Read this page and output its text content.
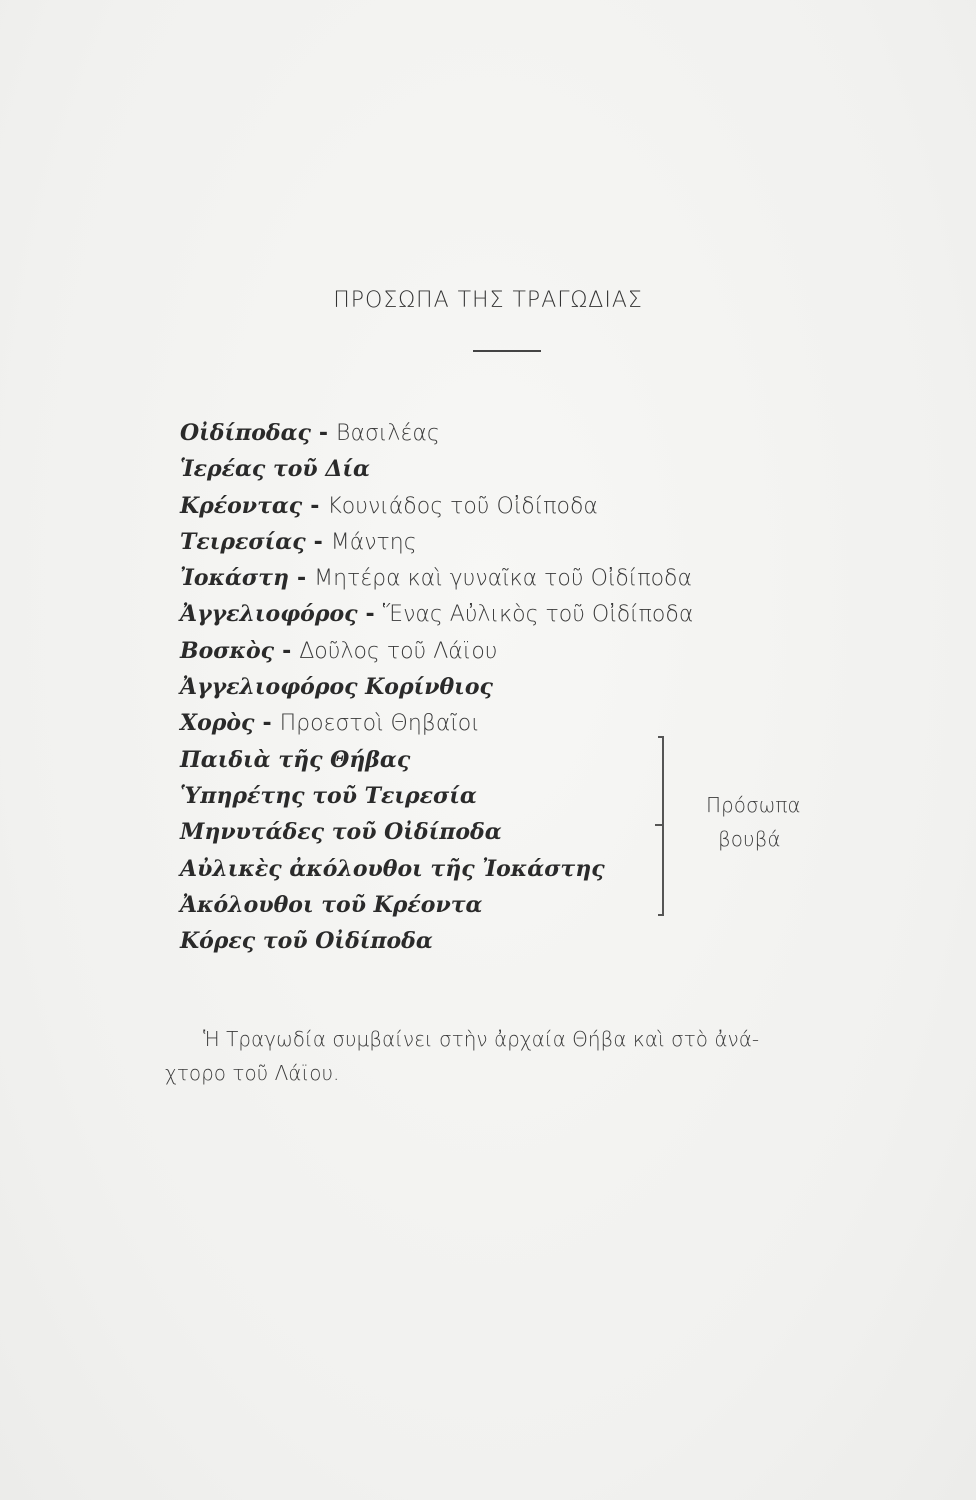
ΠΡΟΣΩΠΑ ΤΗΣ ΤΡΑΓΩΔΙΑΣ
Οἰδίποδας - Βασιλέας
Ἱερέας τοῦ Δία
Κρέοντας - Κουνιάδος τοῦ Οἰδίποδα
Τειρεσίας - Μάντης
Ἰοκάστη - Μητέρα καὶ γυναῖκα τοῦ Οἰδίποδα
Ἀγγελιοφόρος - Ἕνας Αὐλικὸς τοῦ Οἰδίποδα
Βοσκὸς - Δοῦλος τοῦ Λάϊου
Ἀγγελιοφόρος Κορίνθιος
Χορὸς - Προεστοὶ Θηβαῖοι
Παιδιὰ τῆς Θήβας
Ὑπηρέτης τοῦ Τειρεσία
Μηνυτάδες τοῦ Οἰδίποδα
Αὐλικὲς ἀκόλουθοι τῆς Ἰοκάστης
Ἀκόλουθοι τοῦ Κρέοντα
Κόρες τοῦ Οἰδίποδα
Πρόσωπα
βουβά

Ἡ Τραγωδία συμβαίνει στὴν ἀρχαία Θήβα καὶ στὸ ἀνά-

χτορο τοῦ Λάϊου.
